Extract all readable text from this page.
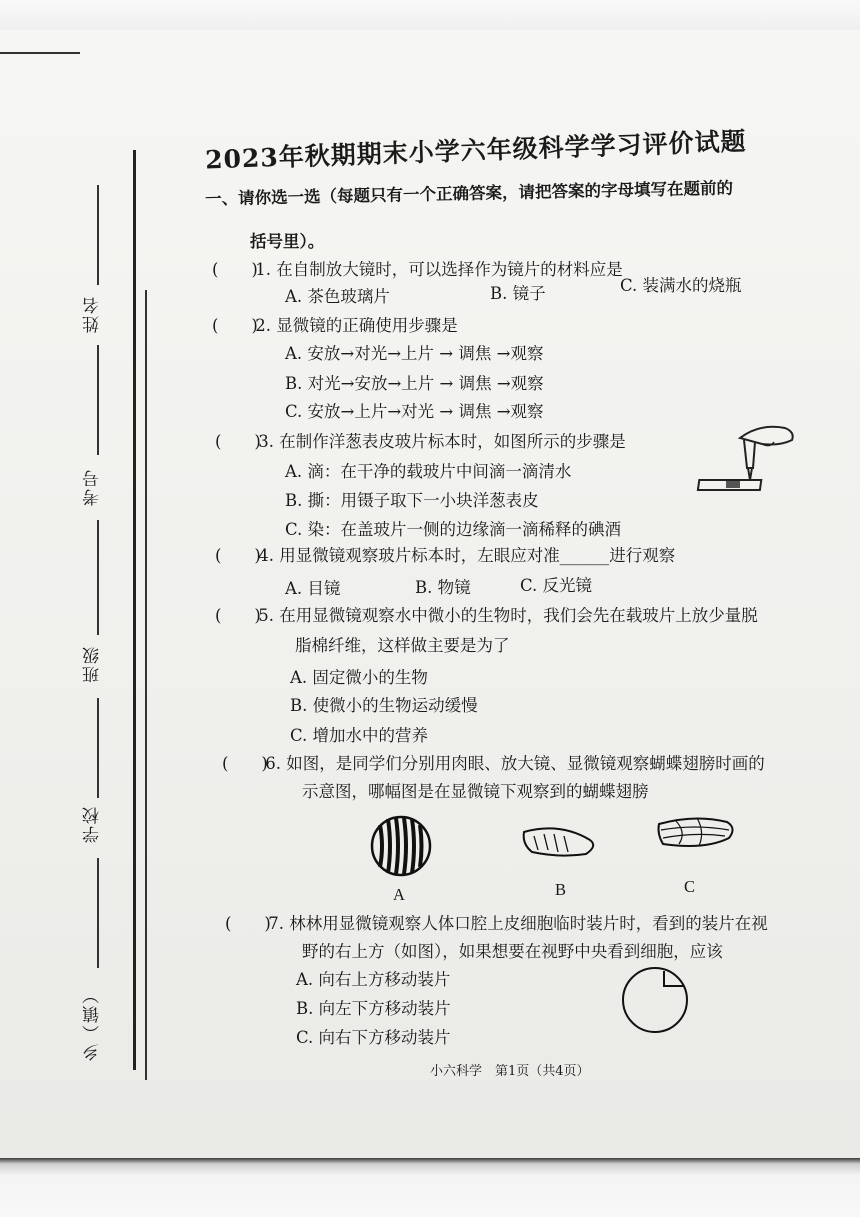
姓名
考号
班级
学校
乡（镇）
2023年秋期期末小学六年级科学学习评价试题
一、请你选一选（每题只有一个正确答案，请把答案的字母填写在题前的
括号里）。
(　　) 1. 在自制放大镜时，可以选择作为镜片的材料应是
A. 茶色玻璃片	B. 镜子	C. 装满水的烧瓶
(　　) 2. 显微镜的正确使用步骤是
A. 安放→对光→上片 → 调焦 →观察
B. 对光→安放→上片 → 调焦 →观察
C. 安放→上片→对光 → 调焦 →观察
(　　) 3. 在制作洋葱表皮玻片标本时，如图所示的步骤是
A. 滴：在干净的载玻片中间滴一滴清水
B. 撕：用镊子取下一小块洋葱表皮
C. 染：在盖玻片一侧的边缘滴一滴稀释的碘酒
(　　) 4. 用显微镜观察玻片标本时，左眼应对准______进行观察
A. 目镜	B. 物镜	C. 反光镜
(　　) 5. 在用显微镜观察水中微小的生物时，我们会先在载玻片上放少量脱
脂棉纤维，这样做主要是为了
A. 固定微小的生物
B. 使微小的生物运动缓慢
C. 增加水中的营养
(　　) 6. 如图，是同学们分别用肉眼、放大镜、显微镜观察蝴蝶翅膀时画的
示意图，哪幅图是在显微镜下观察到的蝴蝶翅膀
A	B	C
(　　) 7. 林林用显微镜观察人体口腔上皮细胞临时装片时，看到的装片在视
野的右上方（如图），如果想要在视野中央看到细胞，应该
A. 向右上方移动装片
B. 向左下方移动装片
C. 向右下方移动装片
小六科学　第1页（共4页）
